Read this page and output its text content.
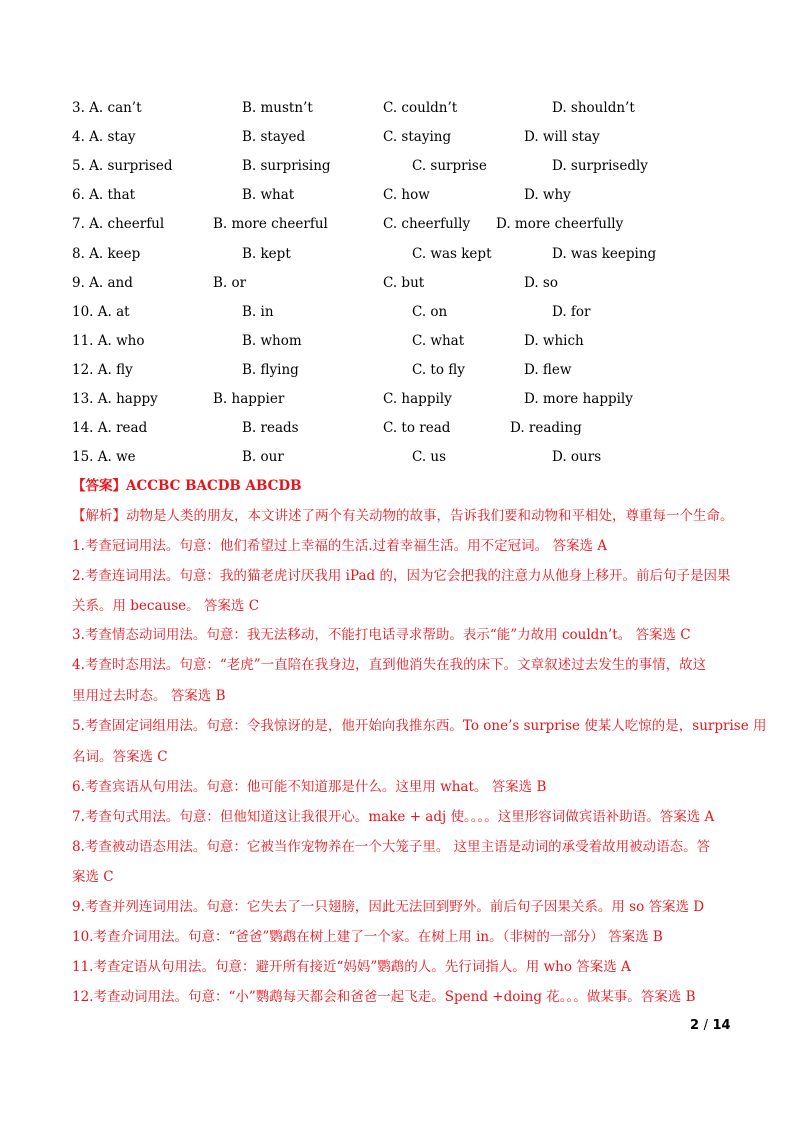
3. A. can’t	B. mustn’t	C. couldn’t	D. shouldn’t
4. A. stay	B. stayed	C. staying	D. will stay
5. A. surprised	B. surprising	C. surprise	D. surprisedly
6. A. that	B. what	C. how	D. why
7. A. cheerful	B. more cheerful	C. cheerfully D. more cheerfully
8. A. keep	B. kept	C. was kept	D. was keeping
9. A. and	B. or	C. but	D. so
10. A. at	B. in	C. on	D. for
11. A. who	B. whom	C. what	D. which
12. A. fly	B. flying	C. to fly	D. flew
13. A. happy	B. happier	C. happily	D. more happily
14. A. read	B. reads	C. to read	D. reading
15. A. we	B. our	C. us	D. ours
【答案】ACCBC BACDB ABCDB
【解析】动物是人类的朋友，本文讲述了两个有关动物的故事，告诉我们要和动物和平相处，尊重每一个生命。
1.考查冠词用法。句意：他们希望过上幸福的生活.过着幸福生活。用不定冠词。 答案选 A
2.考查连词用法。句意：我的猫老虎讨厌我用 iPad 的，因为它会把我的注意力从他身上移开。前后句子是因果
关系。用 because。 答案选 C
3.考查情态动词用法。句意：我无法移动，不能打电话寻求帮助。表示“能”力故用 couldn’t。 答案选 C
4.考查时态用法。句意：“老虎”一直陪在我身边，直到他消失在我的床下。文章叙述过去发生的事情，故这
里用过去时态。 答案选 B
5.考查固定词组用法。句意：令我惊讶的是，他开始向我推东西。To one’s surprise 使某人吃惊的是，surprise 用
名词。答案选 C
6.考查宾语从句用法。句意：他可能不知道那是什么。这里用 what。 答案选 B
7.考查句式用法。句意：但他知道这让我很开心。make + adj 使。。。。这里形容词做宾语补助语。答案选 A
8.考查被动语态用法。句意：它被当作宠物养在一个大笼子里。 这里主语是动词的承受着故用被动语态。答
案选 C
9.考查并列连词用法。句意：它失去了一只翅膀，因此无法回到野外。前后句子因果关系。用 so 答案选 D
10.考查介词用法。句意：“爸爸”鹦鹉在树上建了一个家。在树上用 in。（非树的一部分） 答案选 B
11.考查定语从句用法。句意：避开所有接近“妈妈”鹦鹉的人。先行词指人。用 who 答案选 A
12.考查动词用法。句意：“小”鹦鹉每天都会和爸爸一起飞走。Spend +doing 花。。。做某事。答案选 B
2 / 14
